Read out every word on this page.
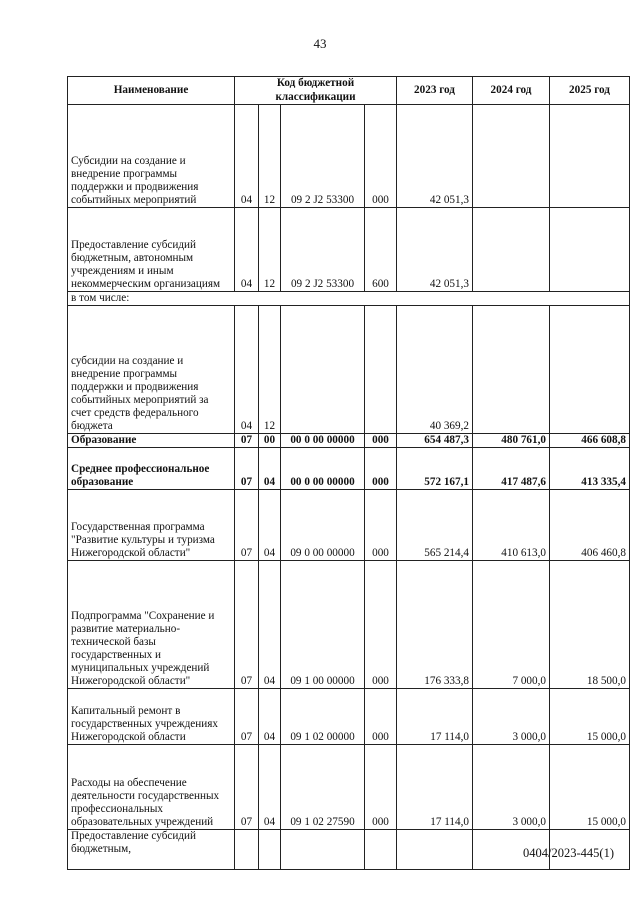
43
Наименование	Код бюджетной классификации				2023 год	2024 год	2025 год
Субсидии на создание и внедрение программы поддержки и продвижения событийных мероприятий	04	12	09 2 J2 53300	000	42 051,3		
Предоставление субсидий бюджетным, автономным учреждениям и иным некоммерческим организациям	04	12	09 2 J2 53300	600	42 051,3		
в том числе:							
субсидии на создание и внедрение программы поддержки и продвижения событийных мероприятий за счет средств федерального бюджета	04	12			40 369,2		
Образование	07	00	00 0 00 00000	000	654 487,3	480 761,0	466 608,8
Среднее профессиональное образование	07	04	00 0 00 00000	000	572 167,1	417 487,6	413 335,4
Государственная программа "Развитие культуры и туризма Нижегородской области"	07	04	09 0 00 00000	000	565 214,4	410 613,0	406 460,8
Подпрограмма "Сохранение и развитие материально-технической базы государственных и муниципальных учреждений Нижегородской области"	07	04	09 1 00 00000	000	176 333,8	7 000,0	18 500,0
Капитальный ремонт в государственных учреждениях Нижегородской области	07	04	09 1 02 00000	000	17 114,0	3 000,0	15 000,0
Расходы на обеспечение деятельности государственных профессиональных образовательных учреждений	07	04	09 1 02 27590	000	17 114,0	3 000,0	15 000,0
Предоставление субсидий бюджетным,								0404/2023-445(1)
